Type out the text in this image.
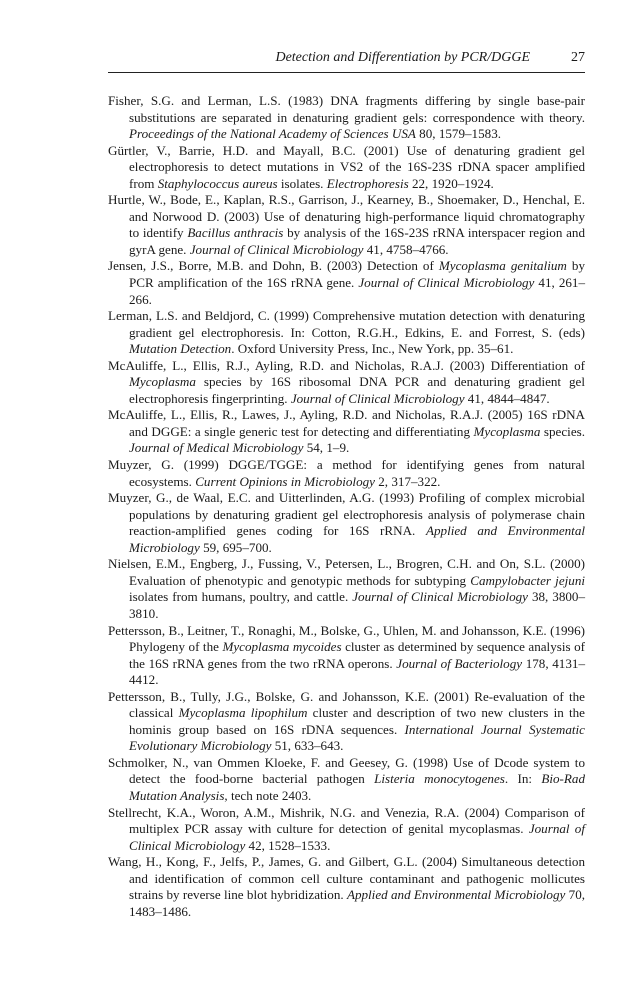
Detection and Differentiation by PCR/DGGE	27

Fisher, S.G. and Lerman, L.S. (1983) DNA fragments differing by single base-pair substitutions are separated in denaturing gradient gels: correspondence with theory. Proceedings of the National Academy of Sciences USA 80, 1579–1583.

Gürtler, V., Barrie, H.D. and Mayall, B.C. (2001) Use of denaturing gradient gel electrophoresis to detect mutations in VS2 of the 16S-23S rDNA spacer amplified from Staphylococcus aureus isolates. Electrophoresis 22, 1920–1924.

Hurtle, W., Bode, E., Kaplan, R.S., Garrison, J., Kearney, B., Shoemaker, D., Henchal, E. and Norwood D. (2003) Use of denaturing high-performance liquid chromatography to identify Bacillus anthracis by analysis of the 16S-23S rRNA interspacer region and gyrA gene. Journal of Clinical Microbiology 41, 4758–4766.

Jensen, J.S., Borre, M.B. and Dohn, B. (2003) Detection of Mycoplasma genitalium by PCR amplification of the 16S rRNA gene. Journal of Clinical Microbiology 41, 261–266.

Lerman, L.S. and Beldjord, C. (1999) Comprehensive mutation detection with denaturing gradient gel electrophoresis. In: Cotton, R.G.H., Edkins, E. and Forrest, S. (eds) Mutation Detection. Oxford University Press, Inc., New York, pp. 35–61.

McAuliffe, L., Ellis, R.J., Ayling, R.D. and Nicholas, R.A.J. (2003) Differentiation of Mycoplasma species by 16S ribosomal DNA PCR and denaturing gradient gel electrophoresis fingerprinting. Journal of Clinical Microbiology 41, 4844–4847.

McAuliffe, L., Ellis, R., Lawes, J., Ayling, R.D. and Nicholas, R.A.J. (2005) 16S rDNA and DGGE: a single generic test for detecting and differentiating Mycoplasma species. Journal of Medical Microbiology 54, 1–9.

Muyzer, G. (1999) DGGE/TGGE: a method for identifying genes from natural ecosystems. Current Opinions in Microbiology 2, 317–322.

Muyzer, G., de Waal, E.C. and Uitterlinden, A.G. (1993) Profiling of complex microbial populations by denaturing gradient gel electrophoresis analysis of polymerase chain reaction-amplified genes coding for 16S rRNA. Applied and Environmental Microbiology 59, 695–700.

Nielsen, E.M., Engberg, J., Fussing, V., Petersen, L., Brogren, C.H. and On, S.L. (2000) Evaluation of phenotypic and genotypic methods for subtyping Campylobacter jejuni isolates from humans, poultry, and cattle. Journal of Clinical Microbiology 38, 3800–3810.

Pettersson, B., Leitner, T., Ronaghi, M., Bolske, G., Uhlen, M. and Johansson, K.E. (1996) Phylogeny of the Mycoplasma mycoides cluster as determined by sequence analysis of the 16S rRNA genes from the two rRNA operons. Journal of Bacteriology 178, 4131–4412.

Pettersson, B., Tully, J.G., Bolske, G. and Johansson, K.E. (2001) Re-evaluation of the classical Mycoplasma lipophilum cluster and description of two new clusters in the hominis group based on 16S rDNA sequences. International Journal Systematic Evolutionary Microbiology 51, 633–643.

Schmolker, N., van Ommen Kloeke, F. and Geesey, G. (1998) Use of Dcode system to detect the food-borne bacterial pathogen Listeria monocytogenes. In: Bio-Rad Mutation Analysis, tech note 2403.

Stellrecht, K.A., Woron, A.M., Mishrik, N.G. and Venezia, R.A. (2004) Comparison of multiplex PCR assay with culture for detection of genital mycoplasmas. Journal of Clinical Microbiology 42, 1528–1533.

Wang, H., Kong, F., Jelfs, P., James, G. and Gilbert, G.L. (2004) Simultaneous detection and identification of common cell culture contaminant and pathogenic mollicutes strains by reverse line blot hybridization. Applied and Environmental Microbiology 70, 1483–1486.
